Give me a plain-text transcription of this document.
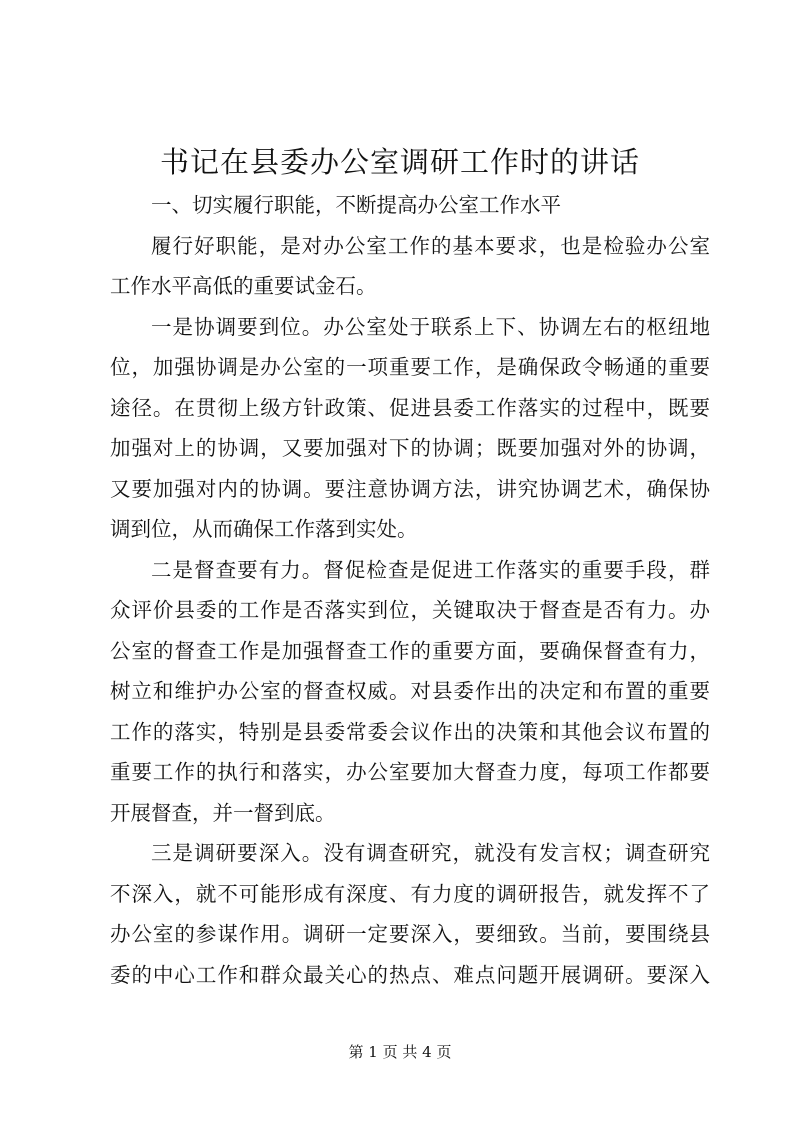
书记在县委办公室调研工作时的讲话
一、切实履行职能，不断提高办公室工作水平
履行好职能，是对办公室工作的基本要求，也是检验办公室
工作水平高低的重要试金石。
一是协调要到位。办公室处于联系上下、协调左右的枢纽地
位，加强协调是办公室的一项重要工作，是确保政令畅通的重要
途径。在贯彻上级方针政策、促进县委工作落实的过程中，既要
加强对上的协调，又要加强对下的协调；既要加强对外的协调，
又要加强对内的协调。要注意协调方法，讲究协调艺术，确保协
调到位，从而确保工作落到实处。
二是督查要有力。督促检查是促进工作落实的重要手段，群
众评价县委的工作是否落实到位，关键取决于督查是否有力。办
公室的督查工作是加强督查工作的重要方面，要确保督查有力，
树立和维护办公室的督查权威。对县委作出的决定和布置的重要
工作的落实，特别是县委常委会议作出的决策和其他会议布置的
重要工作的执行和落实，办公室要加大督查力度，每项工作都要
开展督查，并一督到底。
三是调研要深入。没有调查研究，就没有发言权；调查研究
不深入，就不可能形成有深度、有力度的调研报告，就发挥不了
办公室的参谋作用。调研一定要深入，要细致。当前，要围绕县
委的中心工作和群众最关心的热点、难点问题开展调研。要深入
第 1 页 共 4 页
